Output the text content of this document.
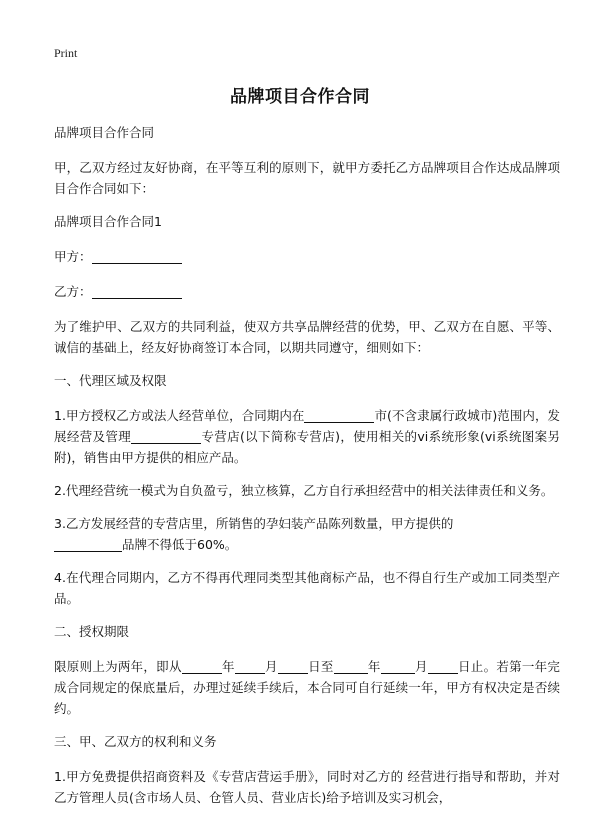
Print
品牌项目合作合同

品牌项目合作合同

甲，乙双方经过友好协商，在平等互利的原则下，就甲方委托乙方品牌项目合作达成品牌项目合作合同如下：

品牌项目合作合同1

甲方：

乙方：

为了维护甲、乙双方的共同利益，使双方共享品牌经营的优势，甲、乙双方在自愿、平等、诚信的基础上，经友好协商签订本合同，以期共同遵守，细则如下：

一、代理区域及权限

1.甲方授权乙方或法人经营单位，合同期内在	市(不含隶属行政城市)范围内，发展经营及管理	专营店(以下简称专营店)，使用相关的vi系统形象(vi系统图案另附)，销售由甲方提供的相应产品。

2.代理经营统一模式为自负盈亏，独立核算，乙方自行承担经营中的相关法律责任和义务。

3.乙方发展经营的专营店里，所销售的孕妇装产品陈列数量，甲方提供的
品牌不得低于60%。

4.在代理合同期内，乙方不得再代理同类型其他商标产品，也不得自行生产或加工同类型产品。

二、授权期限

限原则上为两年，即从	年 月 日至	年	月 日止。若第一年完成合同规定的保底量后，办理过延续手续后，本合同可自行延续一年，甲方有权决定是否续约。

三、甲、乙双方的权利和义务

1.甲方免费提供招商资料及《专营店营运手册》，同时对乙方的 经营进行指导和帮助，并对乙方管理人员(含市场人员、仓管人员、营业店长)给予培训及实习机会，
